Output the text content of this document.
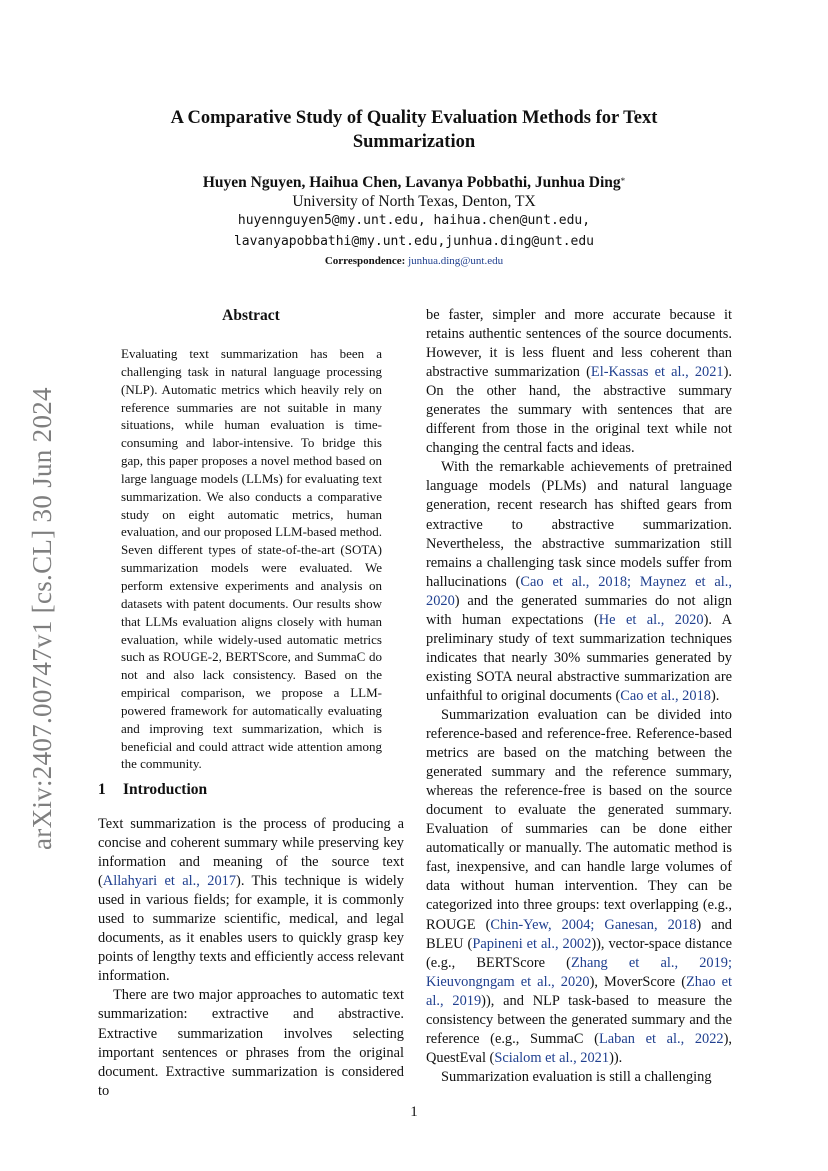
arXiv:2407.00747v1 [cs.CL] 30 Jun 2024
A Comparative Study of Quality Evaluation Methods for Text
Summarization
Huyen Nguyen, Haihua Chen, Lavanya Pobbathi, Junhua Ding*
University of North Texas, Denton, TX
huyennguyen5@my.unt.edu, haihua.chen@unt.edu,
lavanyapobbathi@my.unt.edu,junhua.ding@unt.edu
Correspondence: junhua.ding@unt.edu
Abstract
Evaluating text summarization has been a challenging task in natural language processing (NLP). Automatic metrics which heavily rely on reference summaries are not suitable in many situations, while human evaluation is time-consuming and labor-intensive. To bridge this gap, this paper proposes a novel method based on large language models (LLMs) for evaluating text summarization. We also conducts a comparative study on eight automatic metrics, human evaluation, and our proposed LLM-based method. Seven different types of state-of-the-art (SOTA) summarization models were evaluated. We perform extensive experiments and analysis on datasets with patent documents. Our results show that LLMs evaluation aligns closely with human evaluation, while widely-used automatic metrics such as ROUGE-2, BERTScore, and SummaC do not and also lack consistency. Based on the empirical comparison, we propose a LLM-powered framework for automatically evaluating and improving text summarization, which is beneficial and could attract wide attention among the community.
1 Introduction

Text summarization is the process of producing a concise and coherent summary while preserving key information and meaning of the source text (Allahyari et al., 2017). This technique is widely used in various fields; for example, it is commonly used to summarize scientific, medical, and legal documents, as it enables users to quickly grasp key points of lengthy texts and efficiently access relevant information.

There are two major approaches to automatic text summarization: extractive and abstractive. Extractive summarization involves selecting important sentences or phrases from the original document. Extractive summarization is considered to

be faster, simpler and more accurate because it retains authentic sentences of the source documents. However, it is less fluent and less coherent than abstractive summarization (El-Kassas et al., 2021). On the other hand, the abstractive summary generates the summary with sentences that are different from those in the original text while not changing the central facts and ideas.

With the remarkable achievements of pretrained language models (PLMs) and natural language generation, recent research has shifted gears from extractive to abstractive summarization. Nevertheless, the abstractive summarization still remains a challenging task since models suffer from hallucinations (Cao et al., 2018; Maynez et al., 2020) and the generated summaries do not align with human expectations (He et al., 2020). A preliminary study of text summarization techniques indicates that nearly 30% summaries generated by existing SOTA neural abstractive summarization are unfaithful to original documents (Cao et al., 2018).

Summarization evaluation can be divided into reference-based and reference-free. Reference-based metrics are based on the matching between the generated summary and the reference summary, whereas the reference-free is based on the source document to evaluate the generated summary. Evaluation of summaries can be done either automatically or manually. The automatic method is fast, inexpensive, and can handle large volumes of data without human intervention. They can be categorized into three groups: text overlapping (e.g., ROUGE (Chin-Yew, 2004; Ganesan, 2018) and BLEU (Papineni et al., 2002)), vector-space distance (e.g., BERTScore (Zhang et al., 2019; Kieuvongngam et al., 2020), MoverScore (Zhao et al., 2019)), and NLP task-based to measure the consistency between the generated summary and the reference (e.g., SummaC (Laban et al., 2022), QuestEval (Scialom et al., 2021)).

Summarization evaluation is still a challenging

1
